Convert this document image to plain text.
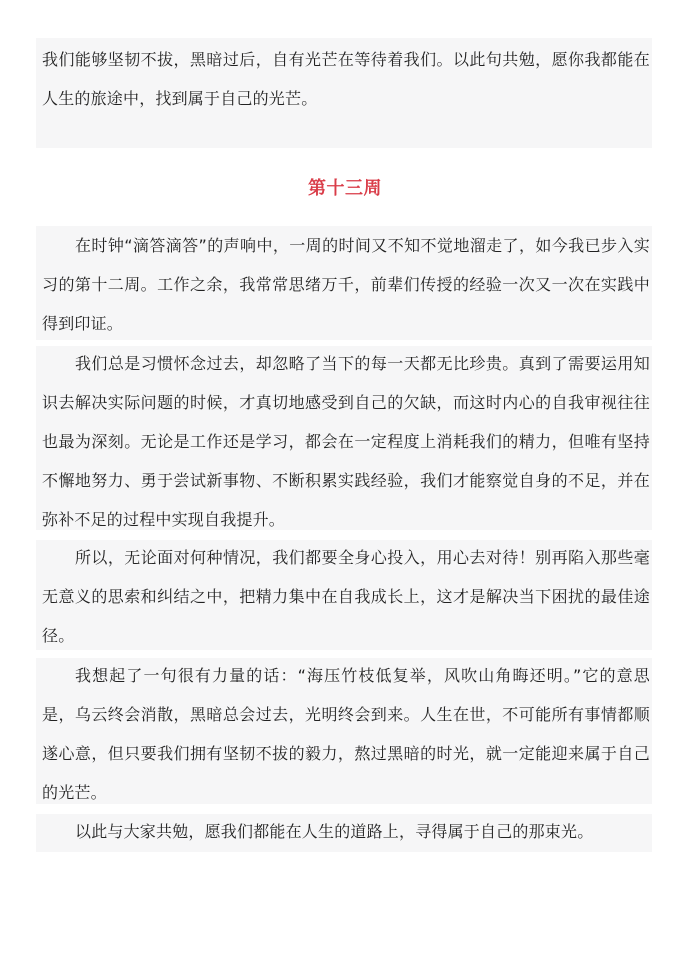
我们能够坚韧不拔，黑暗过后，自有光芒在等待着我们。以此句共勉，愿你我都能在人生的旅途中，找到属于自己的光芒。

第十三周

在时钟“滴答滴答”的声响中，一周的时间又不知不觉地溜走了，如今我已步入实习的第十二周。工作之余，我常常思绪万千，前辈们传授的经验一次又一次在实践中得到印证。

我们总是习惯怀念过去，却忽略了当下的每一天都无比珍贵。真到了需要运用知识去解决实际问题的时候，才真切地感受到自己的欠缺，而这时内心的自我审视往往也最为深刻。无论是工作还是学习，都会在一定程度上消耗我们的精力，但唯有坚持不懈地努力、勇于尝试新事物、不断积累实践经验，我们才能察觉自身的不足，并在弥补不足的过程中实现自我提升。

所以，无论面对何种情况，我们都要全身心投入，用心去对待！别再陷入那些毫无意义的思索和纠结之中，把精力集中在自我成长上，这才是解决当下困扰的最佳途径。

我想起了一句很有力量的话：“海压竹枝低复举，风吹山角晦还明。”它的意思是，乌云终会消散，黑暗总会过去，光明终会到来。人生在世，不可能所有事情都顺遂心意，但只要我们拥有坚韧不拔的毅力，熬过黑暗的时光，就一定能迎来属于自己的光芒。

以此与大家共勉，愿我们都能在人生的道路上，寻得属于自己的那束光。
